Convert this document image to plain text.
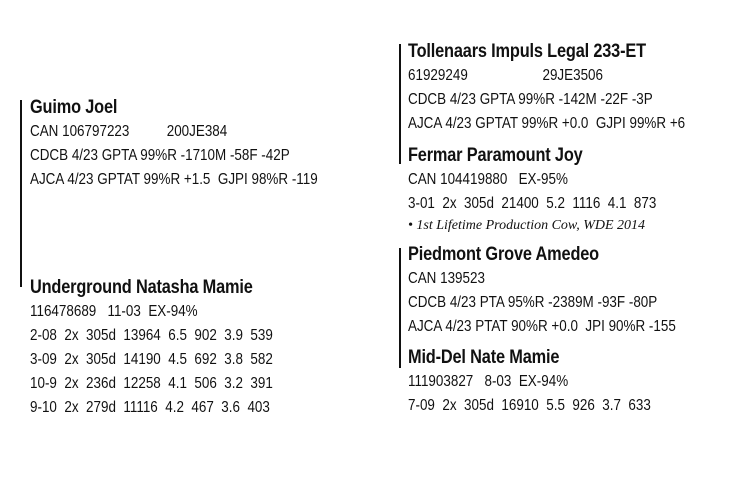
Guimo Joel
CAN 106797223          200JE384
CDCB 4/23 GPTA 99%R -1710M -58F -42P
AJCA 4/23 GPTAT 99%R +1.5  GJPI 98%R -119
Underground Natasha Mamie
116478689   11-03  EX-94%
2-08  2x  305d  13964  6.5  902  3.9  539
3-09  2x  305d  14190  4.5  692  3.8  582
10-9  2x  236d  12258  4.1  506  3.2  391
9-10  2x  279d  11116  4.2  467  3.6  403
Tollenaars Impuls Legal 233-ET
61929249                    29JE3506
CDCB 4/23 GPTA 99%R -142M -22F -3P
AJCA 4/23 GPTAT 99%R +0.0  GJPI 99%R +6
Fermar Paramount Joy
CAN 104419880   EX-95%
3-01  2x  305d  21400  5.2  1116  4.1  873
• 1st Lifetime Production Cow, WDE 2014
Piedmont Grove Amedeo
CAN 139523
CDCB 4/23 PTA 95%R -2389M -93F -80P
AJCA 4/23 PTAT 90%R +0.0  JPI 90%R -155
Mid-Del Nate Mamie
111903827   8-03  EX-94%
7-09  2x  305d  16910  5.5  926  3.7  633
